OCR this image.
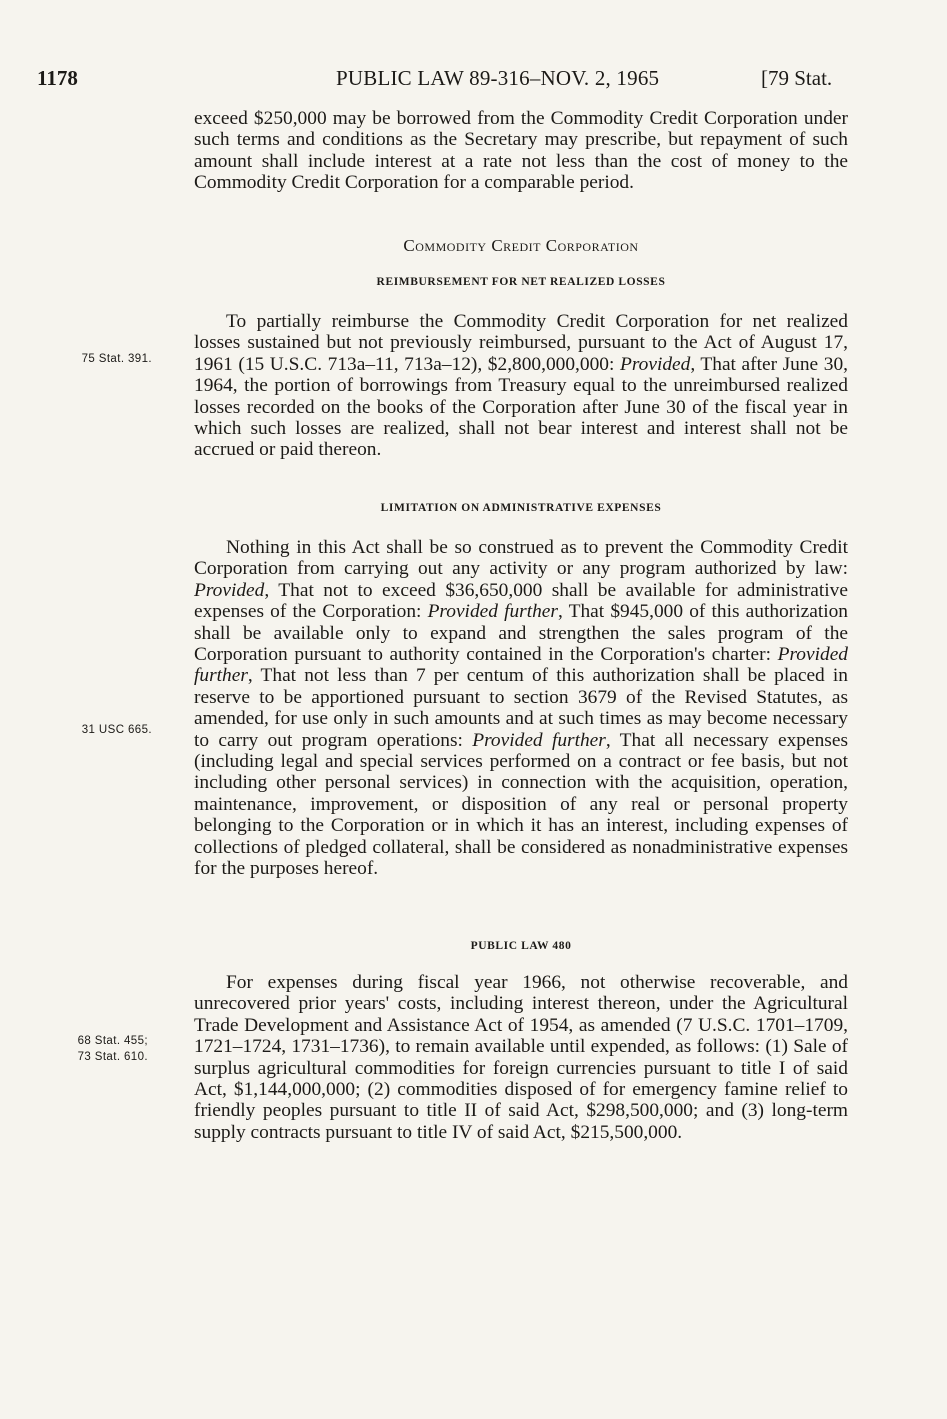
1178	PUBLIC LAW 89-316–NOV. 2, 1965	[79 Stat.

exceed $250,000 may be borrowed from the Commodity Credit Corporation under such terms and conditions as the Secretary may prescribe, but repayment of such amount shall include interest at a rate not less than the cost of money to the Commodity Credit Corporation for a comparable period.

Commodity Credit Corporation
REIMBURSEMENT FOR NET REALIZED LOSSES

To partially reimburse the Commodity Credit Corporation for net realized losses sustained but not previously reimbursed, pursuant to the Act of August 17, 1961 (15 U.S.C. 713a–11, 713a–12), $2,800,000,000: Provided, That after June 30, 1964, the portion of borrowings from Treasury equal to the unreimbursed realized losses recorded on the books of the Corporation after June 30 of the fiscal year in which such losses are realized, shall not bear interest and interest shall not be accrued or paid thereon.

75 Stat. 391.
LIMITATION ON ADMINISTRATIVE EXPENSES

Nothing in this Act shall be so construed as to prevent the Commodity Credit Corporation from carrying out any activity or any program authorized by law: Provided, That not to exceed $36,650,000 shall be available for administrative expenses of the Corporation: Provided further, That $945,000 of this authorization shall be available only to expand and strengthen the sales program of the Corporation pursuant to authority contained in the Corporation's charter: Provided further, That not less than 7 per centum of this authorization shall be placed in reserve to be apportioned pursuant to section 3679 of the Revised Statutes, as amended, for use only in such amounts and at such times as may become necessary to carry out program operations: Provided further, That all necessary expenses (including legal and special services performed on a contract or fee basis, but not including other personal services) in connection with the acquisition, operation, maintenance, improvement, or disposition of any real or personal property belonging to the Corporation or in which it has an interest, including expenses of collections of pledged collateral, shall be considered as nonadministrative expenses for the purposes hereof.

31 USC 665.
PUBLIC LAW 480

For expenses during fiscal year 1966, not otherwise recoverable, and unrecovered prior years' costs, including interest thereon, under the Agricultural Trade Development and Assistance Act of 1954, as amended (7 U.S.C. 1701–1709, 1721–1724, 1731–1736), to remain available until expended, as follows: (1) Sale of surplus agricultural commodities for foreign currencies pursuant to title I of said Act, $1,144,000,000; (2) commodities disposed of for emergency famine relief to friendly peoples pursuant to title II of said Act, $298,500,000; and (3) long-term supply contracts pursuant to title IV of said Act, $215,500,000.

68 Stat. 455;
73 Stat. 610.
